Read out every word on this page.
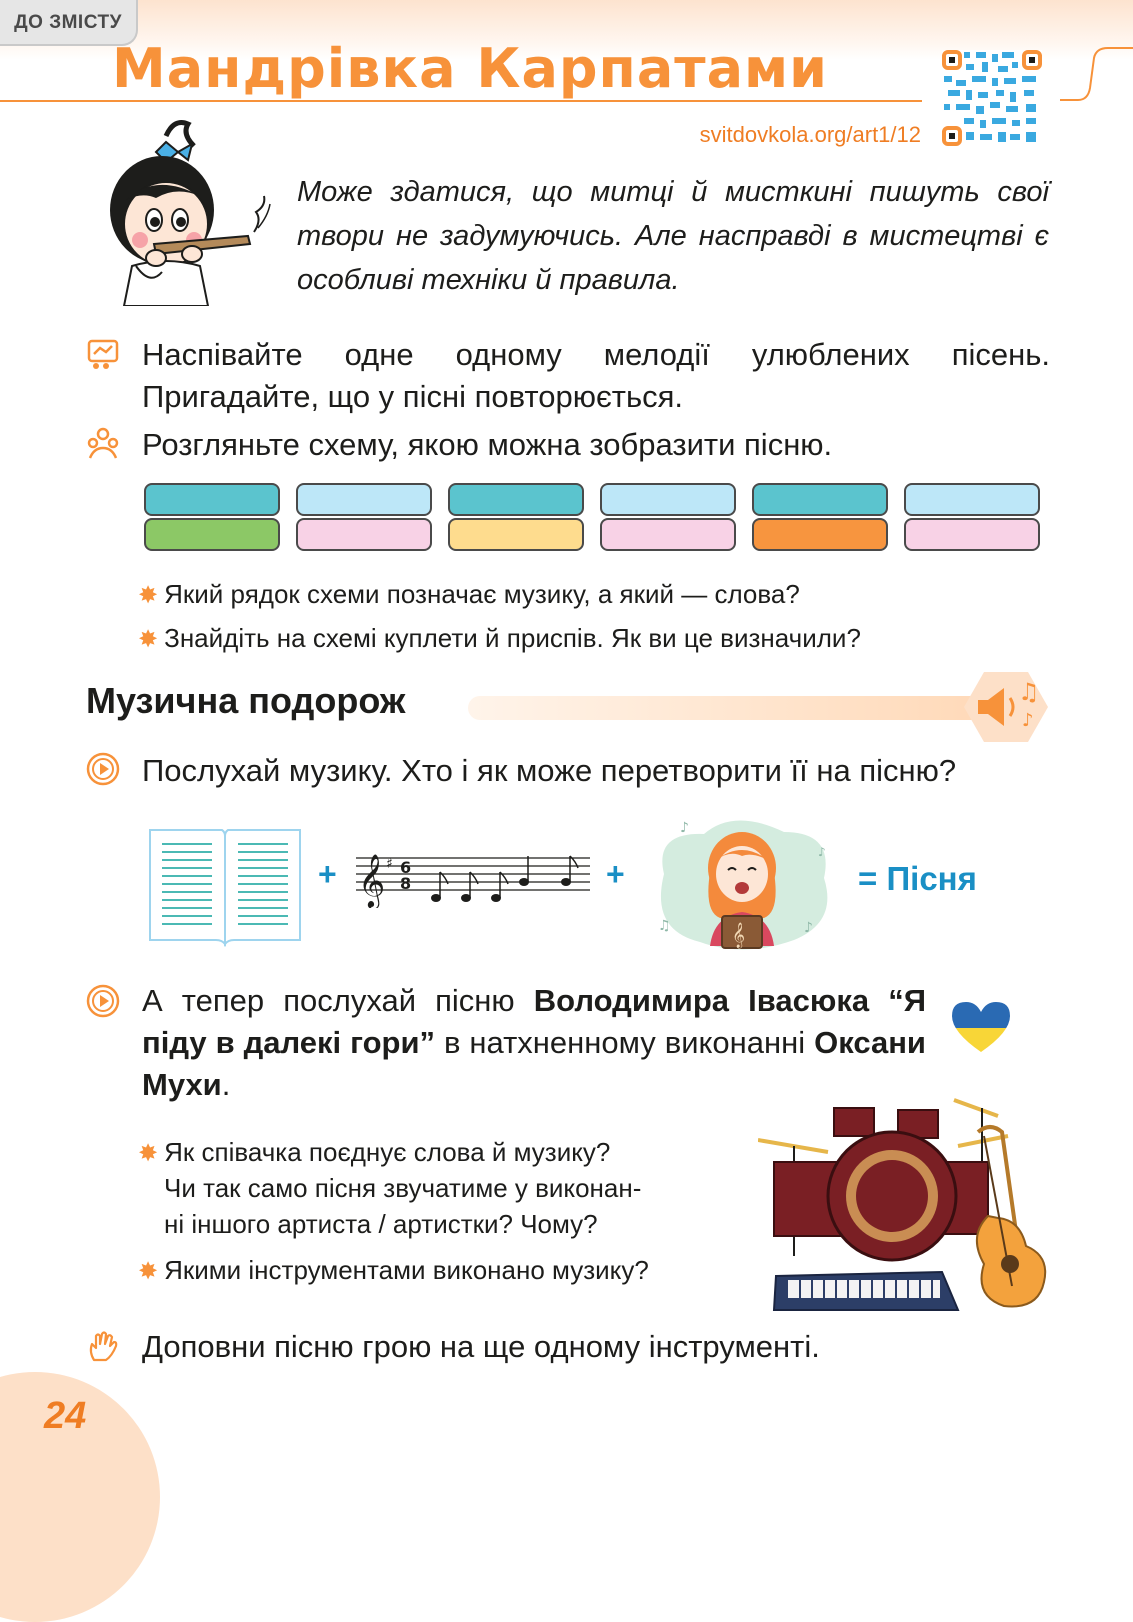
ДО ЗМІСТУ
Мандрівка Карпатами
svitdovkola.org/art1/12
Може здатися, що митці й мисткині пишуть свої твори не задумуючись. Але насправді в мистецтві є особливі техніки й правила.
Наспівайте одне одному мелодії улюблених пісень.
Пригадайте, що у пісні повторюється.
Розгляньте схему, якою можна зобразити пісню.
✸ Який рядок схеми позначає музику, а який — слова?
✸ Знайдіть на схемі куплети й приспів. Як ви це визначили?
Музична подорож	♫
♪
Послухай музику. Хто і як може перетворити її на пісню?
+ 𝄞 ♯ 6
8	+
𝄞
♪
♪
♫
♪
= Пісня
А тепер послухай пісню Володимира Івасюка “Я піду в далекі гори” в натхненному виконанні Оксани Мухи.
✸ Як співачка поєднує слова й музику?
Чи так само пісня звучатиме у виконан-
ні іншого артиста / артистки? Чому?
✸ Якими інструментами виконано музику?
Доповни пісню грою на ще одному інструменті.
24
